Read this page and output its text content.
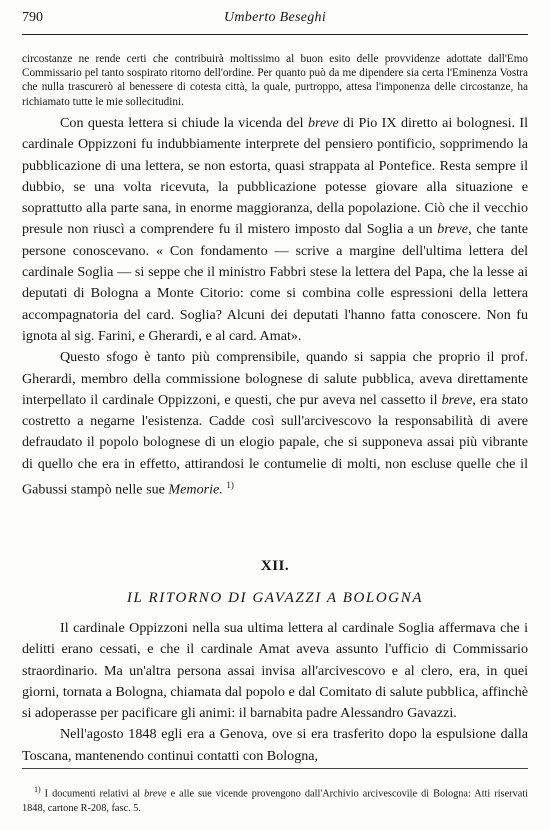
790	Umberto Beseghi

circostanze ne rende certi che contribuirà moltissimo al buon esito delle provvidenze adottate dall'Emo Commissario pel tanto sospirato ritorno dell'ordine. Per quanto può da me dipendere sia certa l'Eminenza Vostra che nulla trascurerò al benessere di cotesta città, la quale, purtroppo, attesa l'imponenza delle circostanze, ha richiamato tutte le mie sollecitudini.

Con questa lettera si chiude la vicenda del breve di Pio IX diretto ai bolognesi. Il cardinale Oppizzoni fu indubbiamente interprete del pensiero pontificio, sopprimendo la pubblicazione di una lettera, se non estorta, quasi strappata al Pontefice. Resta sempre il dubbio, se una volta ricevuta, la pubblicazione potesse giovare alla situazione e soprattutto alla parte sana, in enorme maggioranza, della popolazione. Ciò che il vecchio presule non riuscì a comprendere fu il mistero imposto dal Soglia a un breve, che tante persone conoscevano. « Con fondamento — scrive a margine dell'ultima lettera del cardinale Soglia — si seppe che il ministro Fabbri stese la lettera del Papa, che la lesse ai deputati di Bologna a Monte Citorio: come si combina colle espressioni della lettera accompagnatoria del card. Soglia? Alcuni dei deputati l'hanno fatta conoscere. Non fu ignota al sig. Farini, e Gherardi, e al card. Amat».

Questo sfogo è tanto più comprensibile, quando si sappia che proprio il prof. Gherardi, membro della commissione bolognese di salute pubblica, aveva direttamente interpellato il cardinale Oppizzoni, e questi, che pur aveva nel cassetto il breve, era stato costretto a negarne l'esistenza. Cadde così sull'arcivescovo la responsabilità di avere defraudato il popolo bolognese di un elogio papale, che si supponeva assai più vibrante di quello che era in effetto, attirandosi le contumelie di molti, non escluse quelle che il Gabussi stampò nelle sue Memorie. $^{1)}$

XII.
IL RITORNO DI GAVAZZI A BOLOGNA

Il cardinale Oppizzoni nella sua ultima lettera al cardinale Soglia affermava che i delitti erano cessati, e che il cardinale Amat aveva assunto l'ufficio di Commissario straordinario. Ma un'altra persona assai invisa all'arcivescovo e al clero, era, in quei giorni, tornata a Bologna, chiamata dal popolo e dal Comitato di salute pubblica, affinchè si adoperasse per pacificare gli animi: il barnabita padre Alessandro Gavazzi.

Nell'agosto 1848 egli era a Genova, ove si era trasferito dopo la espulsione dalla Toscana, mantenendo continui contatti con Bologna,

$^{1)}$ I documenti relativi al breve e alle sue vicende provengono dall'Archivio arcivescovile di Bologna: Atti riservati 1848, cartone R-208, fasc. 5.
